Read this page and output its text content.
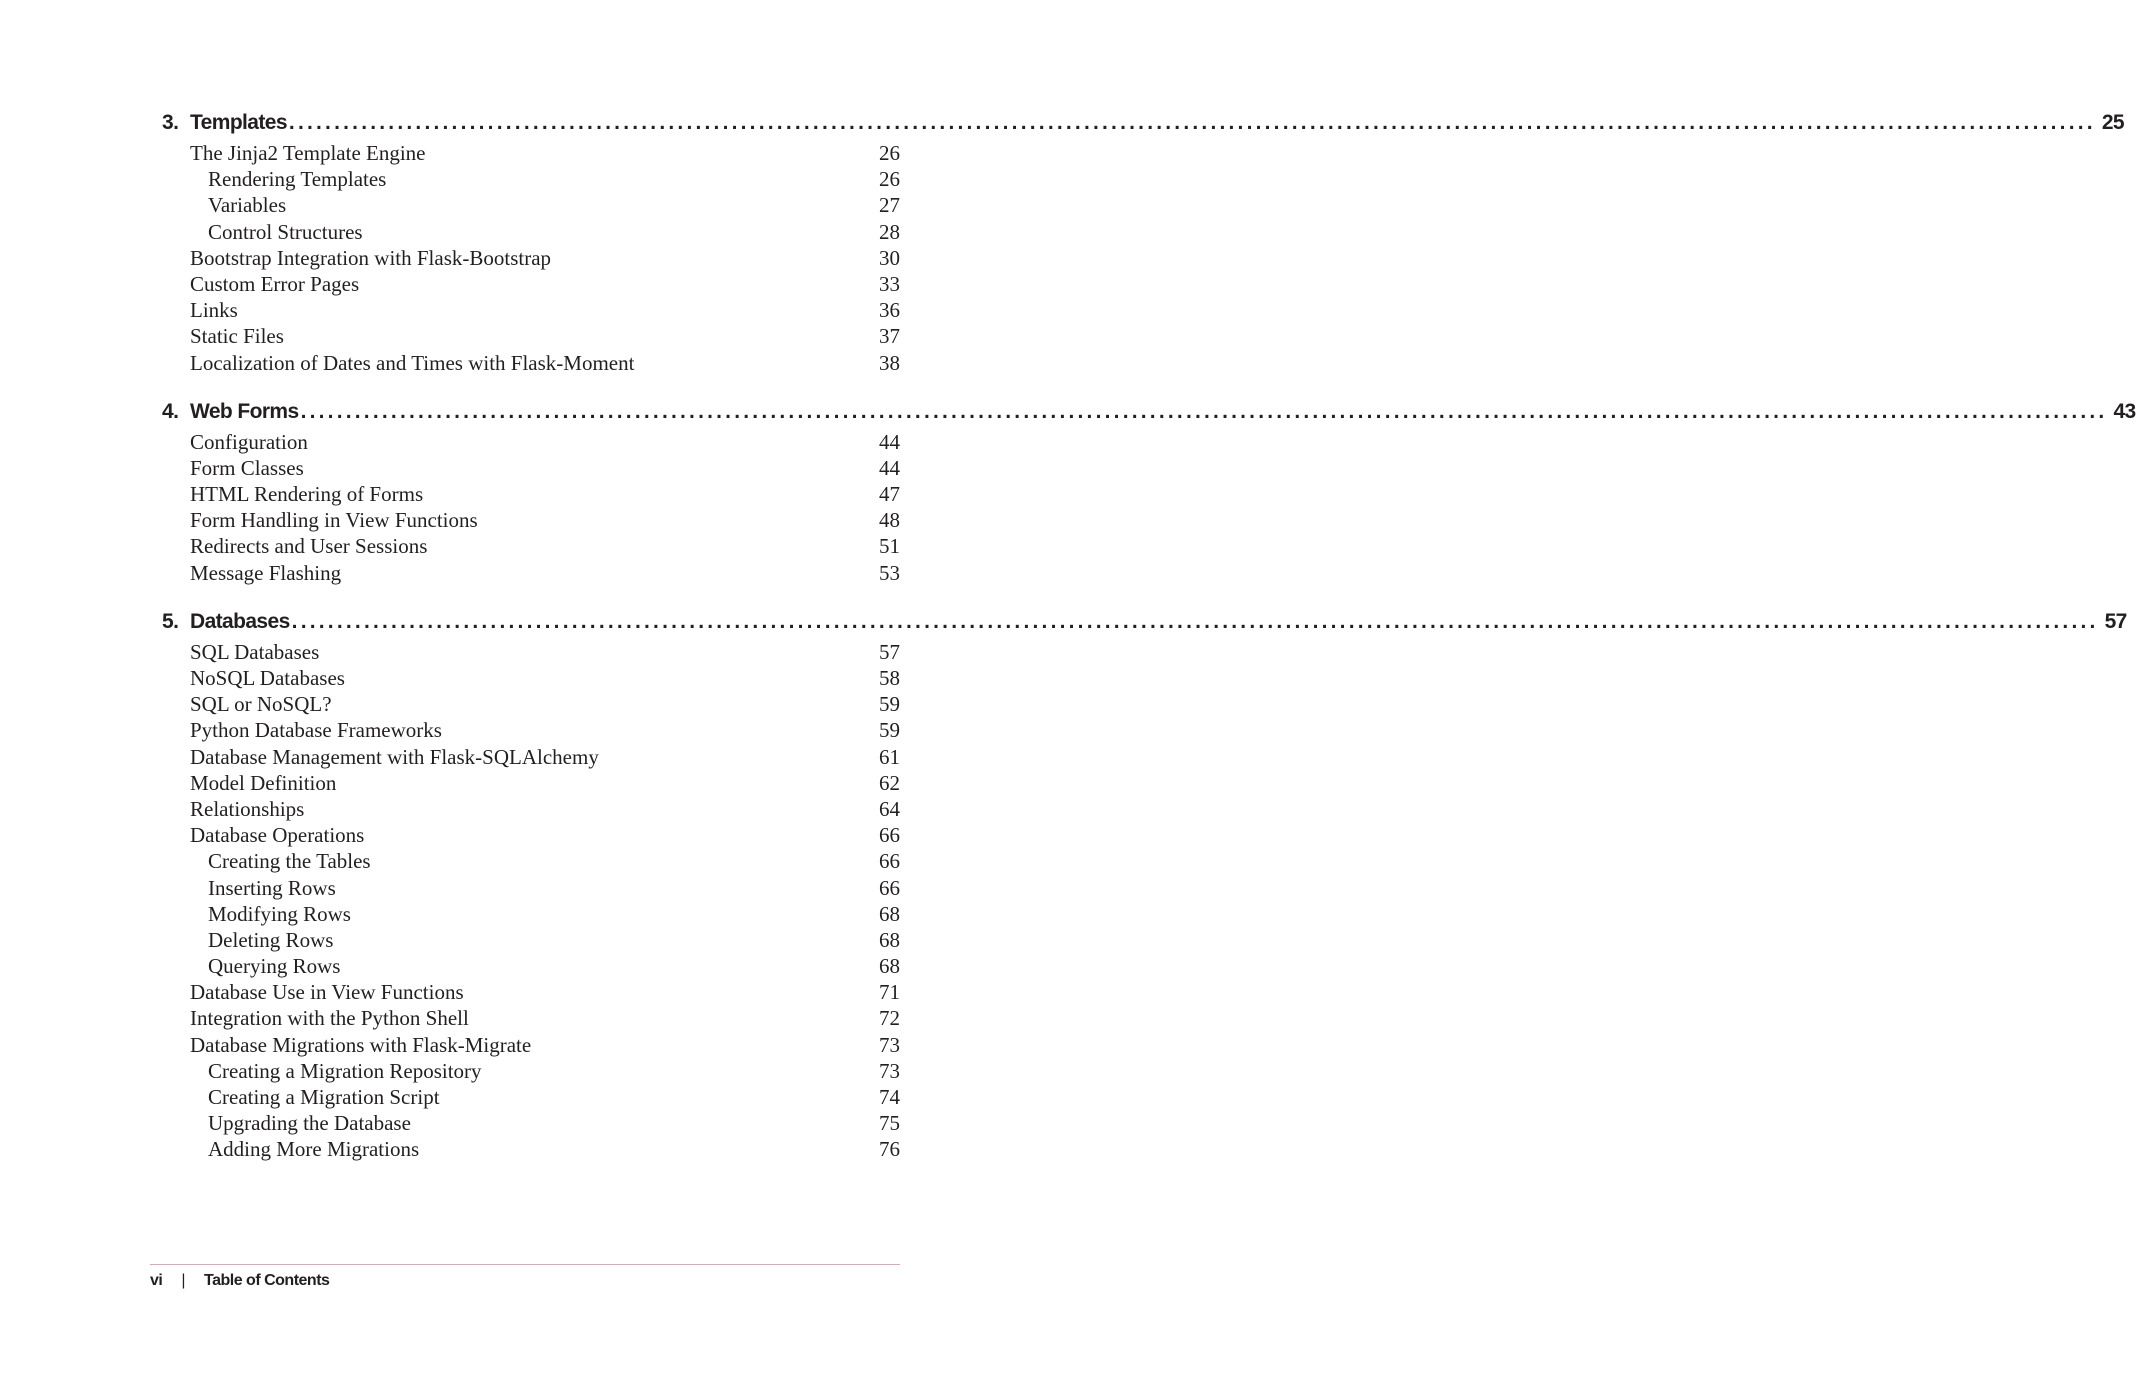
3. Templates ........................................................................................................................................................................................................ 25
The Jinja2 Template Engine	26
Rendering Templates	26
Variables	27
Control Structures	28
Bootstrap Integration with Flask-Bootstrap	30
Custom Error Pages	33
Links	36
Static Files	37
Localization of Dates and Times with Flask-Moment	38
4. Web Forms ........................................................................................................................................................................................................ 43
Configuration	44
Form Classes	44
HTML Rendering of Forms	47
Form Handling in View Functions	48
Redirects and User Sessions	51
Message Flashing	53
5. Databases ........................................................................................................................................................................................................ 57
SQL Databases	57
NoSQL Databases	58
SQL or NoSQL?	59
Python Database Frameworks	59
Database Management with Flask-SQLAlchemy	61
Model Definition	62
Relationships	64
Database Operations	66
Creating the Tables	66
Inserting Rows	66
Modifying Rows	68
Deleting Rows	68
Querying Rows	68
Database Use in View Functions	71
Integration with the Python Shell	72
Database Migrations with Flask-Migrate	73
Creating a Migration Repository	73
Creating a Migration Script	74
Upgrading the Database	75
Adding More Migrations	76
vi | Table of Contents
